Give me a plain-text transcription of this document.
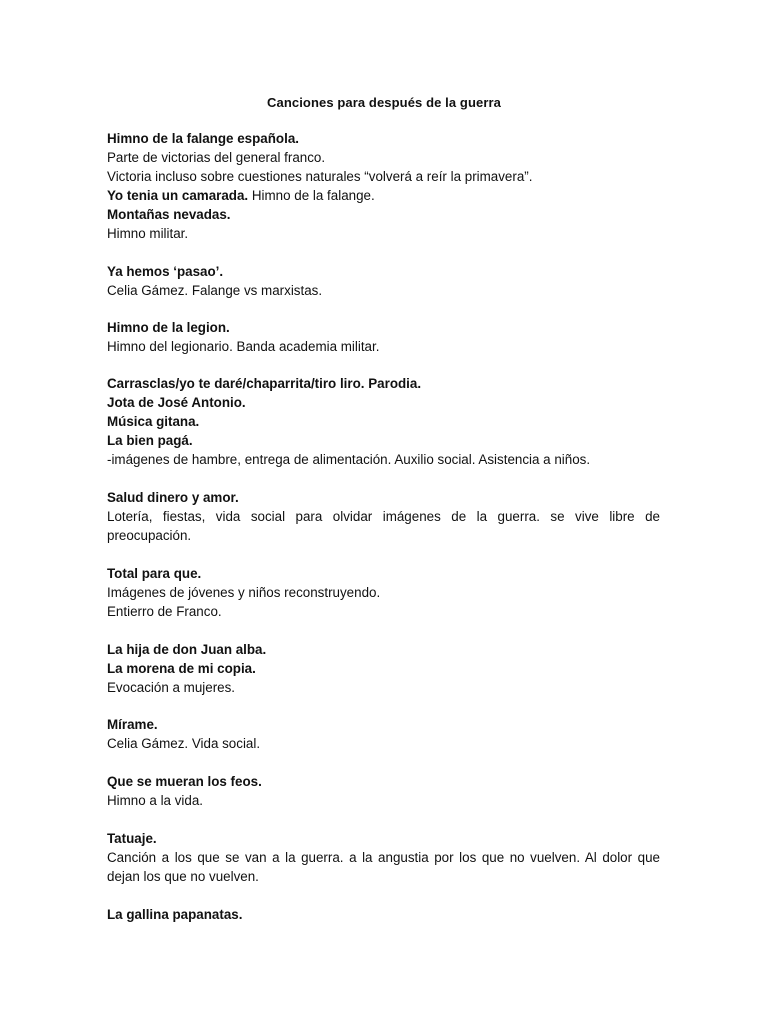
Canciones para después de la guerra
Himno de la falange española.
Parte de victorias del general franco.
Victoria incluso sobre cuestiones naturales “volverá a reír la primavera”.
Yo tenia un camarada. Himno de la falange.
Montañas nevadas.
Himno militar.
Ya hemos ‘pasao’.
Celia Gámez. Falange vs marxistas.
Himno de la legion.
Himno del legionario. Banda academia militar.
Carrasclas/yo te daré/chaparrita/tiro liro. Parodia.
Jota de José Antonio.
Música gitana.
La bien pagá.
-imágenes de hambre, entrega de alimentación. Auxilio social. Asistencia a niños.
Salud dinero y amor.
Lotería, fiestas, vida social para olvidar imágenes de la guerra. se vive libre de preocupación.
Total para que.
Imágenes de jóvenes y niños reconstruyendo.
Entierro de Franco.
La hija de don Juan alba.
La morena de mi copia.
Evocación a mujeres.
Mírame.
Celia Gámez. Vida social.
Que se mueran los feos.
Himno a la vida.
Tatuaje.
Canción a los que se van a la guerra. a la angustia por los que no vuelven. Al dolor que dejan los que no vuelven.
La gallina papanatas.
